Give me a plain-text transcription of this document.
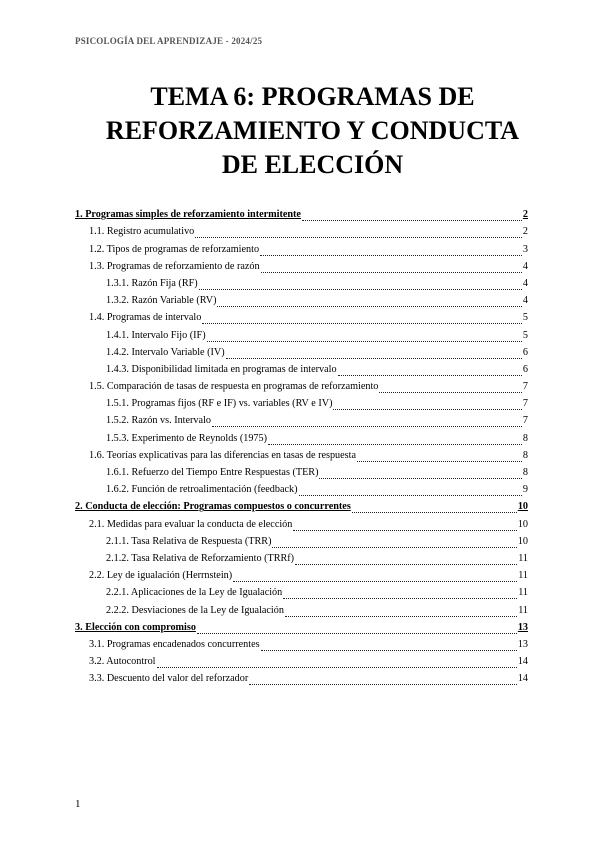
PSICOLOGÍA DEL APRENDIZAJE - 2024/25
TEMA 6: PROGRAMAS DE
REFORZAMIENTO Y CONDUCTA
DE ELECCIÓN
1. Programas simples de reforzamiento intermitente	2
1.1. Registro acumulativo	2
1.2. Tipos de programas de reforzamiento	3
1.3. Programas de reforzamiento de razón	4
1.3.1. Razón Fija (RF)	4
1.3.2. Razón Variable (RV)	4
1.4. Programas de intervalo	5
1.4.1. Intervalo Fijo (IF)	5
1.4.2. Intervalo Variable (IV)	6
1.4.3. Disponibilidad limitada en programas de intervalo	6
1.5. Comparación de tasas de respuesta en programas de reforzamiento	7
1.5.1. Programas fijos (RF e IF) vs. variables (RV e IV)	7
1.5.2. Razón vs. Intervalo	7
1.5.3. Experimento de Reynolds (1975)	8
1.6. Teorías explicativas para las diferencias en tasas de respuesta	8
1.6.1. Refuerzo del Tiempo Entre Respuestas (TER)	8
1.6.2. Función de retroalimentación (feedback)	9
2. Conducta de elección: Programas compuestos o concurrentes	10
2.1. Medidas para evaluar la conducta de elección	10
2.1.1. Tasa Relativa de Respuesta (TRR)	10
2.1.2. Tasa Relativa de Reforzamiento (TRRf)	11
2.2. Ley de igualación (Herrnstein)	11
2.2.1. Aplicaciones de la Ley de Igualación	11
2.2.2. Desviaciones de la Ley de Igualación	11
3. Elección con compromiso	13
3.1. Programas encadenados concurrentes	13
3.2. Autocontrol	14
3.3. Descuento del valor del reforzador	14
1
